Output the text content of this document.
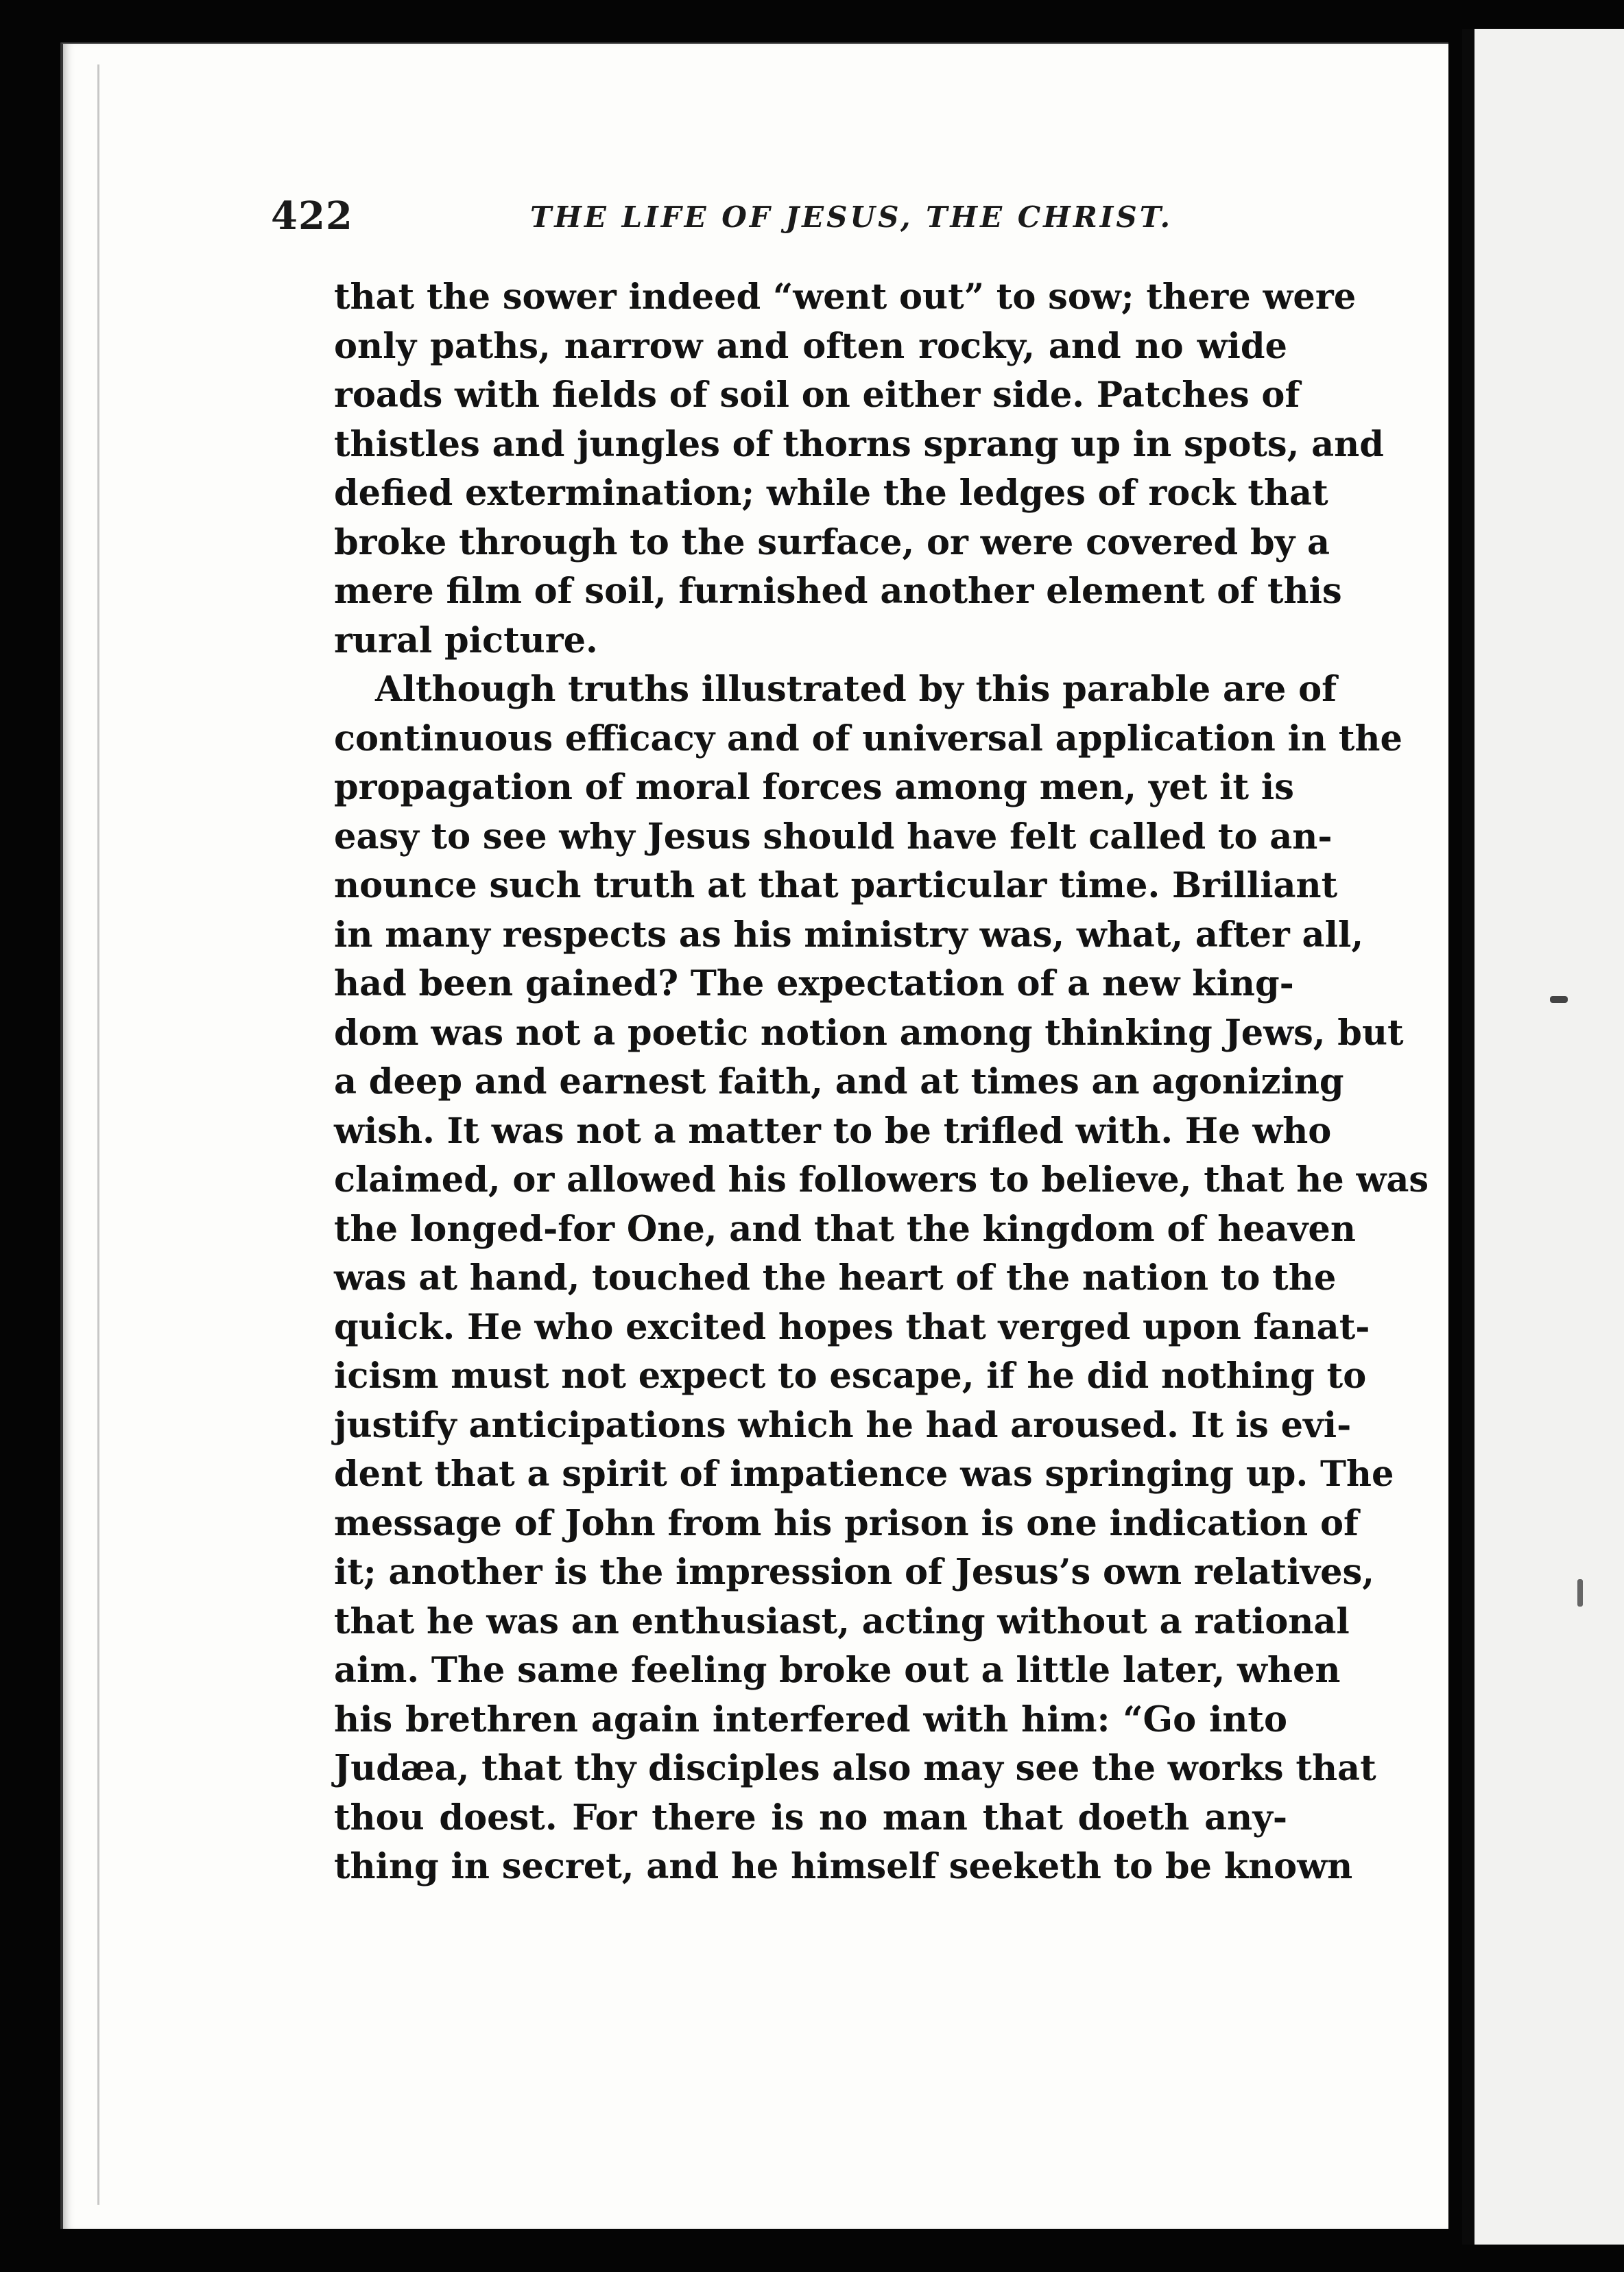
422	THE LIFE OF JESUS, THE CHRIST.
that the sower indeed “went out” to sow; there were
only paths, narrow and often rocky, and no wide
roads with fields of soil on either side. Patches of
thistles and jungles of thorns sprang up in spots, and
defied extermination; while the ledges of rock that
broke through to the surface, or were covered by a
mere film of soil, furnished another element of this
rural picture.
Although truths illustrated by this parable are of
continuous efficacy and of universal application in the
propagation of moral forces among men, yet it is
easy to see why Jesus should have felt called to an-
nounce such truth at that particular time. Brilliant
in many respects as his ministry was, what, after all,
had been gained? The expectation of a new king-
dom was not a poetic notion among thinking Jews, but
a deep and earnest faith, and at times an agonizing
wish. It was not a matter to be trifled with. He who
claimed, or allowed his followers to believe, that he was
the longed-for One, and that the kingdom of heaven
was at hand, touched the heart of the nation to the
quick. He who excited hopes that verged upon fanat-
icism must not expect to escape, if he did nothing to
justify anticipations which he had aroused. It is evi-
dent that a spirit of impatience was springing up. The
message of John from his prison is one indication of
it; another is the impression of Jesus’s own relatives,
that he was an enthusiast, acting without a rational
aim. The same feeling broke out a little later, when
his brethren again interfered with him: “Go into
Judæa, that thy disciples also may see the works that
thou doest. For there is no man that doeth any-
thing in secret, and he himself seeketh to be known
